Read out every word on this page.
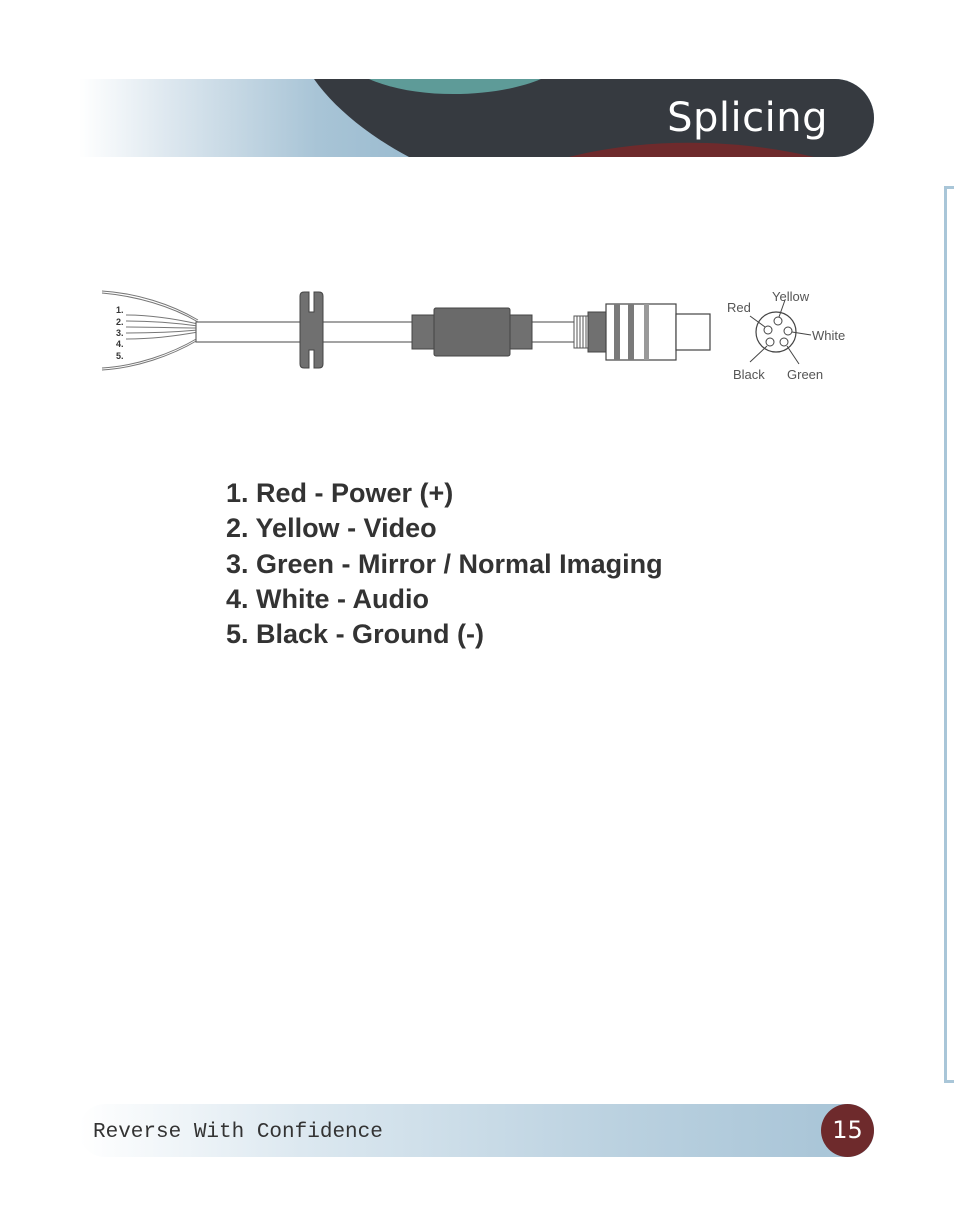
Splicing
1.
2.
3.
4.
5.
Red
Yellow
White
Black Green
1. Red - Power (+)
2. Yellow - Video
3. Green - Mirror / Normal Imaging
4. White - Audio
5. Black - Ground (-)
Reverse With Confidence	15
